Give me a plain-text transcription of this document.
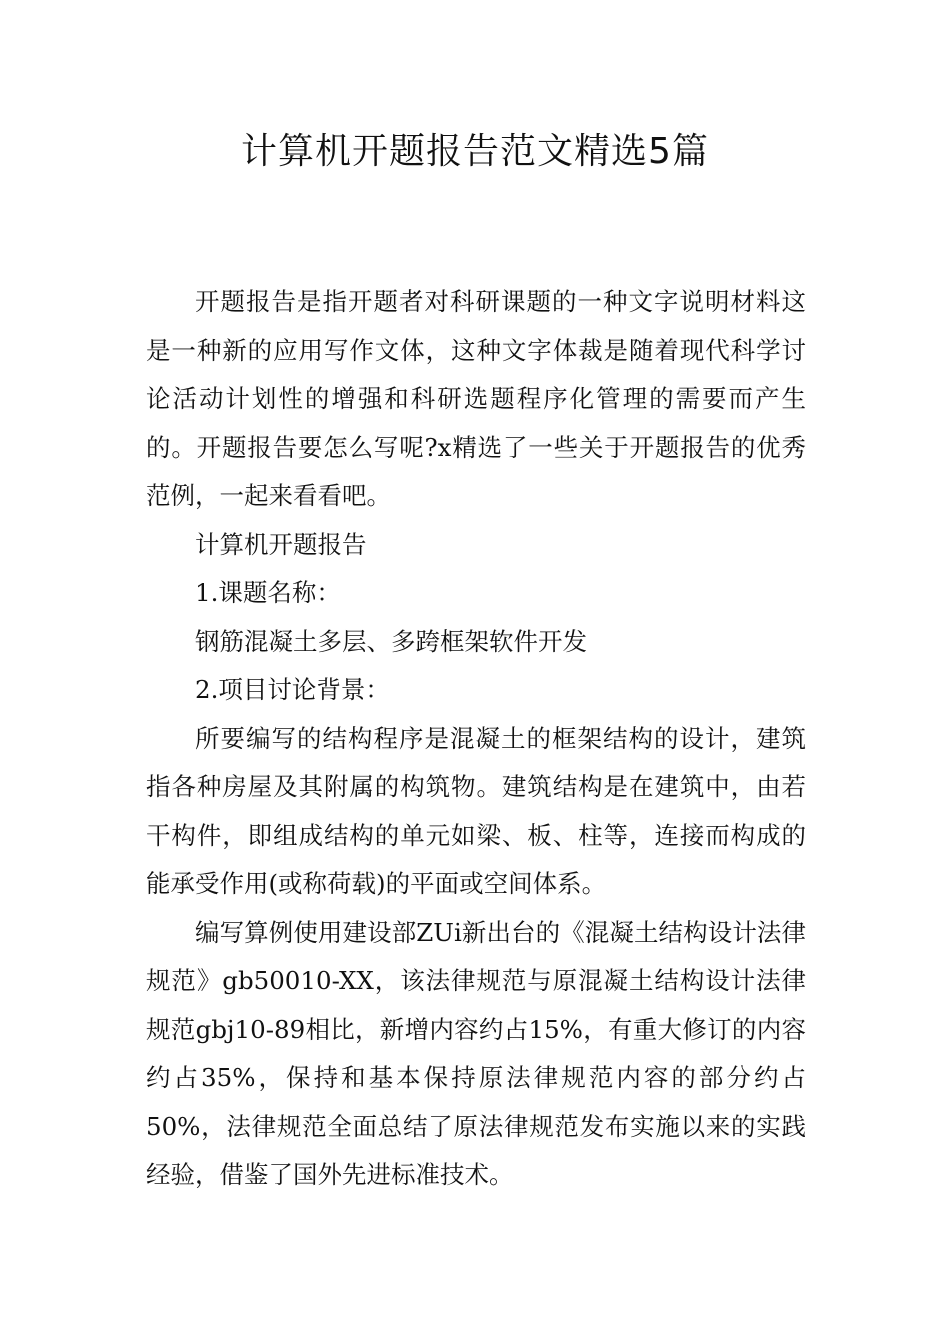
计算机开题报告范文精选5篇

开题报告是指开题者对科研课题的一种文字说明材料这是一种新的应用写作文体，这种文字体裁是随着现代科学讨论活动计划性的增强和科研选题程序化管理的需要而产生的。开题报告要怎么写呢?x精选了一些关于开题报告的优秀范例，一起来看看吧。

计算机开题报告

1.课题名称：

钢筋混凝土多层、多跨框架软件开发

2.项目讨论背景：

所要编写的结构程序是混凝土的框架结构的设计，建筑指各种房屋及其附属的构筑物。建筑结构是在建筑中，由若干构件，即组成结构的单元如梁、板、柱等，连接而构成的能承受作用(或称荷载)的平面或空间体系。

编写算例使用建设部ZUi新出台的《混凝土结构设计法律规范》gb50010-XX，该法律规范与原混凝土结构设计法律规范gbj10-89相比，新增内容约占15%，有重大修订的内容约占35%，保持和基本保持原法律规范内容的部分约占50%，法律规范全面总结了原法律规范发布实施以来的实践经验，借鉴了国外先进标准技术。
